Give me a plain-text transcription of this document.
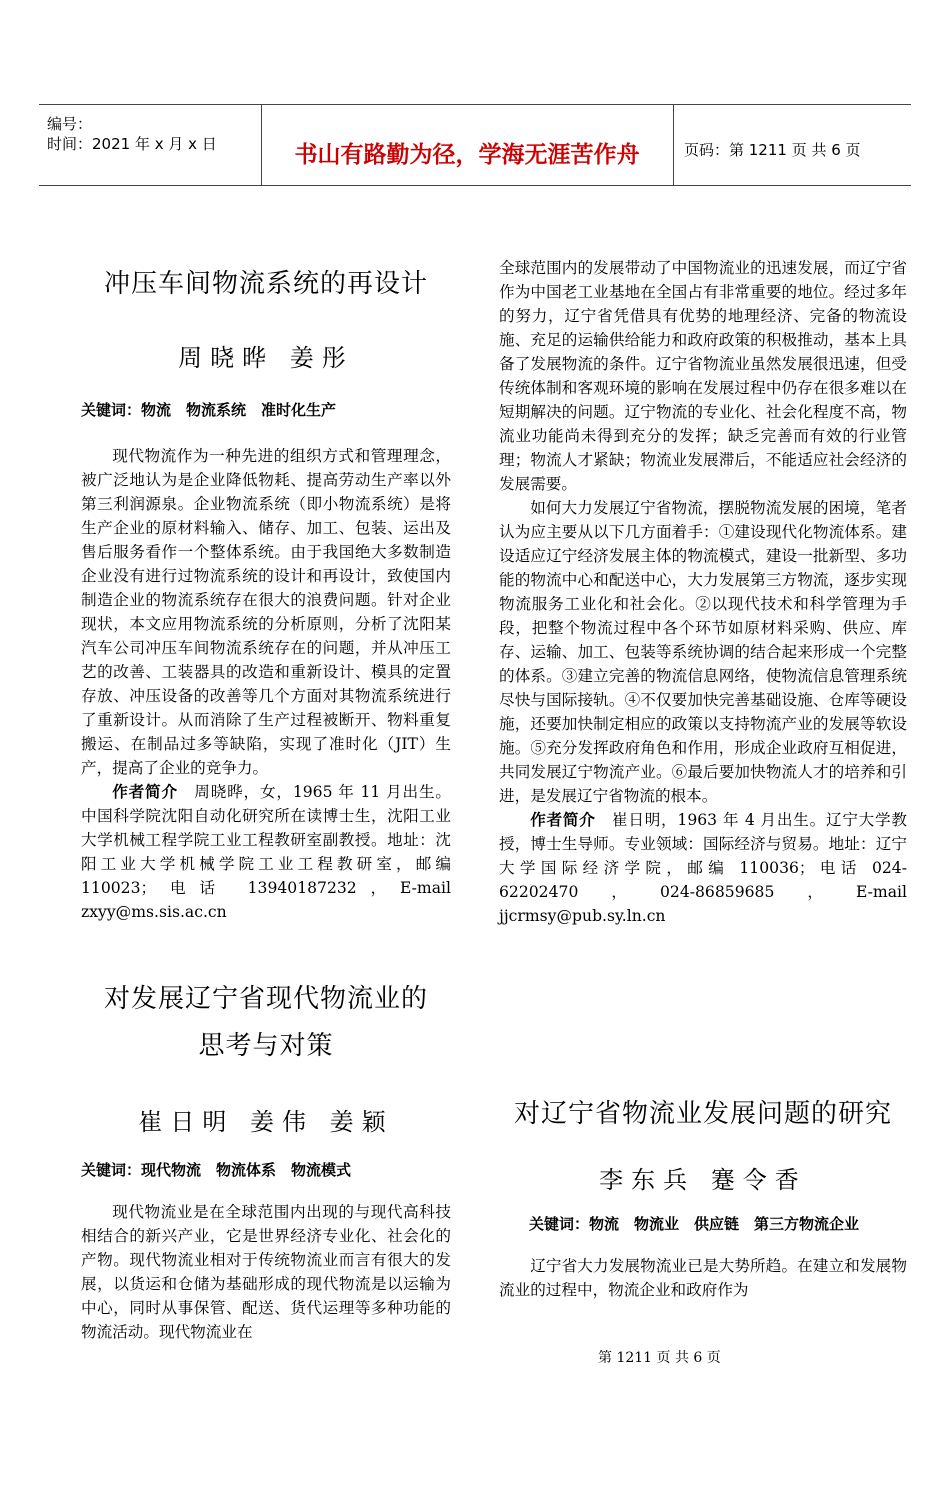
编号：
时间：2021 年 x 月 x 日	书山有路勤为径，学海无涯苦作舟	页码：第 1211 页 共 6 页
冲压车间物流系统的再设计
周晓晔 姜彤
关键词：物流　物流系统　准时化生产

现代物流作为一种先进的组织方式和管理理念，被广泛地认为是企业降低物耗、提高劳动生产率以外第三利润源泉。企业物流系统（即小物流系统）是将生产企业的原材料输入、储存、加工、包装、运出及售后服务看作一个整体系统。由于我国绝大多数制造企业没有进行过物流系统的设计和再设计，致使国内制造企业的物流系统存在很大的浪费问题。针对企业现状，本文应用物流系统的分析原则，分析了沈阳某汽车公司冲压车间物流系统存在的问题，并从冲压工艺的改善、工装器具的改造和重新设计、模具的定置存放、冲压设备的改善等几个方面对其物流系统进行了重新设计。从而消除了生产过程被断开、物料重复搬运、在制品过多等缺陷，实现了准时化（JIT）生产，提高了企业的竞争力。

作者简介　 周晓晔，女，1965 年 11 月出生。中国科学院沈阳自动化研究所在读博士生，沈阳工业大学机械工程学院工业工程教研室副教授。地址：沈阳工业大学机械学院工业工程教研室，邮编 110023；电话 13940187232，E-mail zxyy@ms.sis.ac.cn

对发展辽宁省现代物流业的
思考与对策
崔日明 姜伟 姜颖
关键词：现代物流　物流体系　物流模式

现代物流业是在全球范围内出现的与现代高科技相结合的新兴产业，它是世界经济专业化、社会化的产物。现代物流业相对于传统物流业而言有很大的发展，以货运和仓储为基础形成的现代物流是以运输为中心，同时从事保管、配送、货代运理等多种功能的物流活动。现代物流业在

全球范围内的发展带动了中国物流业的迅速发展，而辽宁省作为中国老工业基地在全国占有非常重要的地位。经过多年的努力，辽宁省凭借具有优势的地理经济、完备的物流设施、充足的运输供给能力和政府政策的积极推动，基本上具备了发展物流的条件。辽宁省物流业虽然发展很迅速，但受传统体制和客观环境的影响在发展过程中仍存在很多难以在短期解决的问题。辽宁物流的专业化、社会化程度不高，物流业功能尚未得到充分的发挥；缺乏完善而有效的行业管理；物流人才紧缺；物流业发展滞后，不能适应社会经济的发展需要。

如何大力发展辽宁省物流，摆脱物流发展的困境，笔者认为应主要从以下几方面着手：①建设现代化物流体系。建设适应辽宁经济发展主体的物流模式，建设一批新型、多功能的物流中心和配送中心，大力发展第三方物流，逐步实现物流服务工业化和社会化。②以现代技术和科学管理为手段，把整个物流过程中各个环节如原材料采购、供应、库存、运输、加工、包装等系统协调的结合起来形成一个完整的体系。③建立完善的物流信息网络，使物流信息管理系统尽快与国际接轨。④不仅要加快完善基础设施、仓库等硬设施，还要加快制定相应的政策以支持物流产业的发展等软设施。⑤充分发挥政府角色和作用，形成企业政府互相促进，共同发展辽宁物流产业。⑥最后要加快物流人才的培养和引进，是发展辽宁省物流的根本。

作者简介　 崔日明，1963 年 4 月出生。辽宁大学教授，博士生导师。专业领域：国际经济与贸易。地址：辽宁大学国际经济学院，邮编 110036；电话 024-62202470，024-86859685，E-mail jjcrmsy@pub.sy.ln.cn

对辽宁省物流业发展问题的研究
李东兵 蹇令香
关键词：物流　物流业　供应链　第三方物流企业

辽宁省大力发展物流业已是大势所趋。在建立和发展物流业的过程中，物流企业和政府作为

第 1211 页 共 6 页
